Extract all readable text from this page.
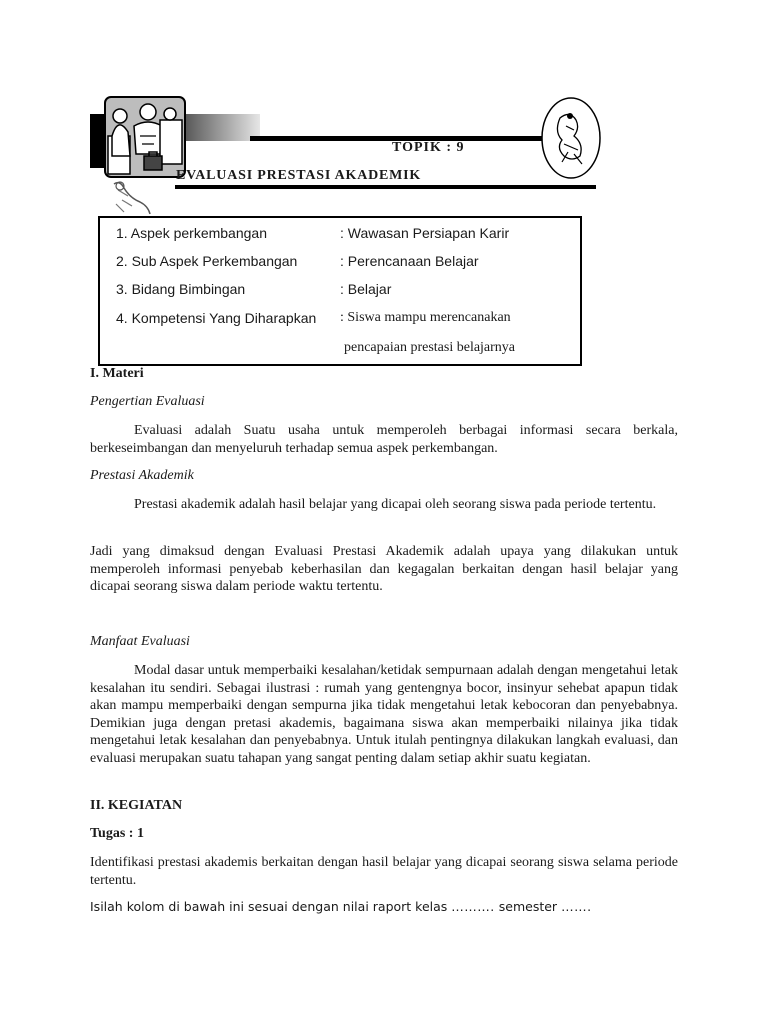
TOPIK : 9
EVALUASI PRESTASI AKADEMIK
1. Aspek perkembangan	: Wawasan Persiapan Karir
2. Sub Aspek Perkembangan	: Perencanaan Belajar
3. Bidang Bimbingan	: Belajar
4. Kompetensi Yang Diharapkan : Siswa mampu merencanakan
pencapaian prestasi belajarnya
I. Materi
Pengertian Evaluasi
Evaluasi adalah Suatu usaha untuk memperoleh berbagai informasi secara berkala, berkeseimbangan dan menyeluruh terhadap semua aspek perkembangan.
Prestasi Akademik
Prestasi akademik adalah hasil belajar yang dicapai oleh seorang siswa pada periode tertentu.
Jadi yang dimaksud dengan Evaluasi Prestasi Akademik adalah upaya yang dilakukan untuk memperoleh informasi penyebab keberhasilan dan kegagalan berkaitan dengan hasil belajar yang dicapai seorang siswa dalam periode waktu tertentu.
Manfaat Evaluasi
Modal dasar untuk memperbaiki kesalahan/ketidak sempurnaan adalah dengan mengetahui letak kesalahan itu sendiri. Sebagai ilustrasi : rumah yang gentengnya bocor, insinyur sehebat apapun tidak akan mampu memperbaiki dengan sempurna jika tidak mengetahui letak kebocoran dan penyebabnya. Demikian juga dengan pretasi akademis, bagaimana siswa akan memperbaiki nilainya jika tidak mengetahui letak kesalahan dan penyebabnya. Untuk itulah pentingnya dilakukan langkah evaluasi, dan evaluasi merupakan suatu tahapan yang sangat penting dalam setiap akhir suatu kegiatan.
II. KEGIATAN
Tugas : 1
Identifikasi prestasi akademis berkaitan dengan hasil belajar yang dicapai seorang siswa selama periode tertentu.
Isilah kolom di bawah ini sesuai dengan nilai raport kelas ………. semester …….
